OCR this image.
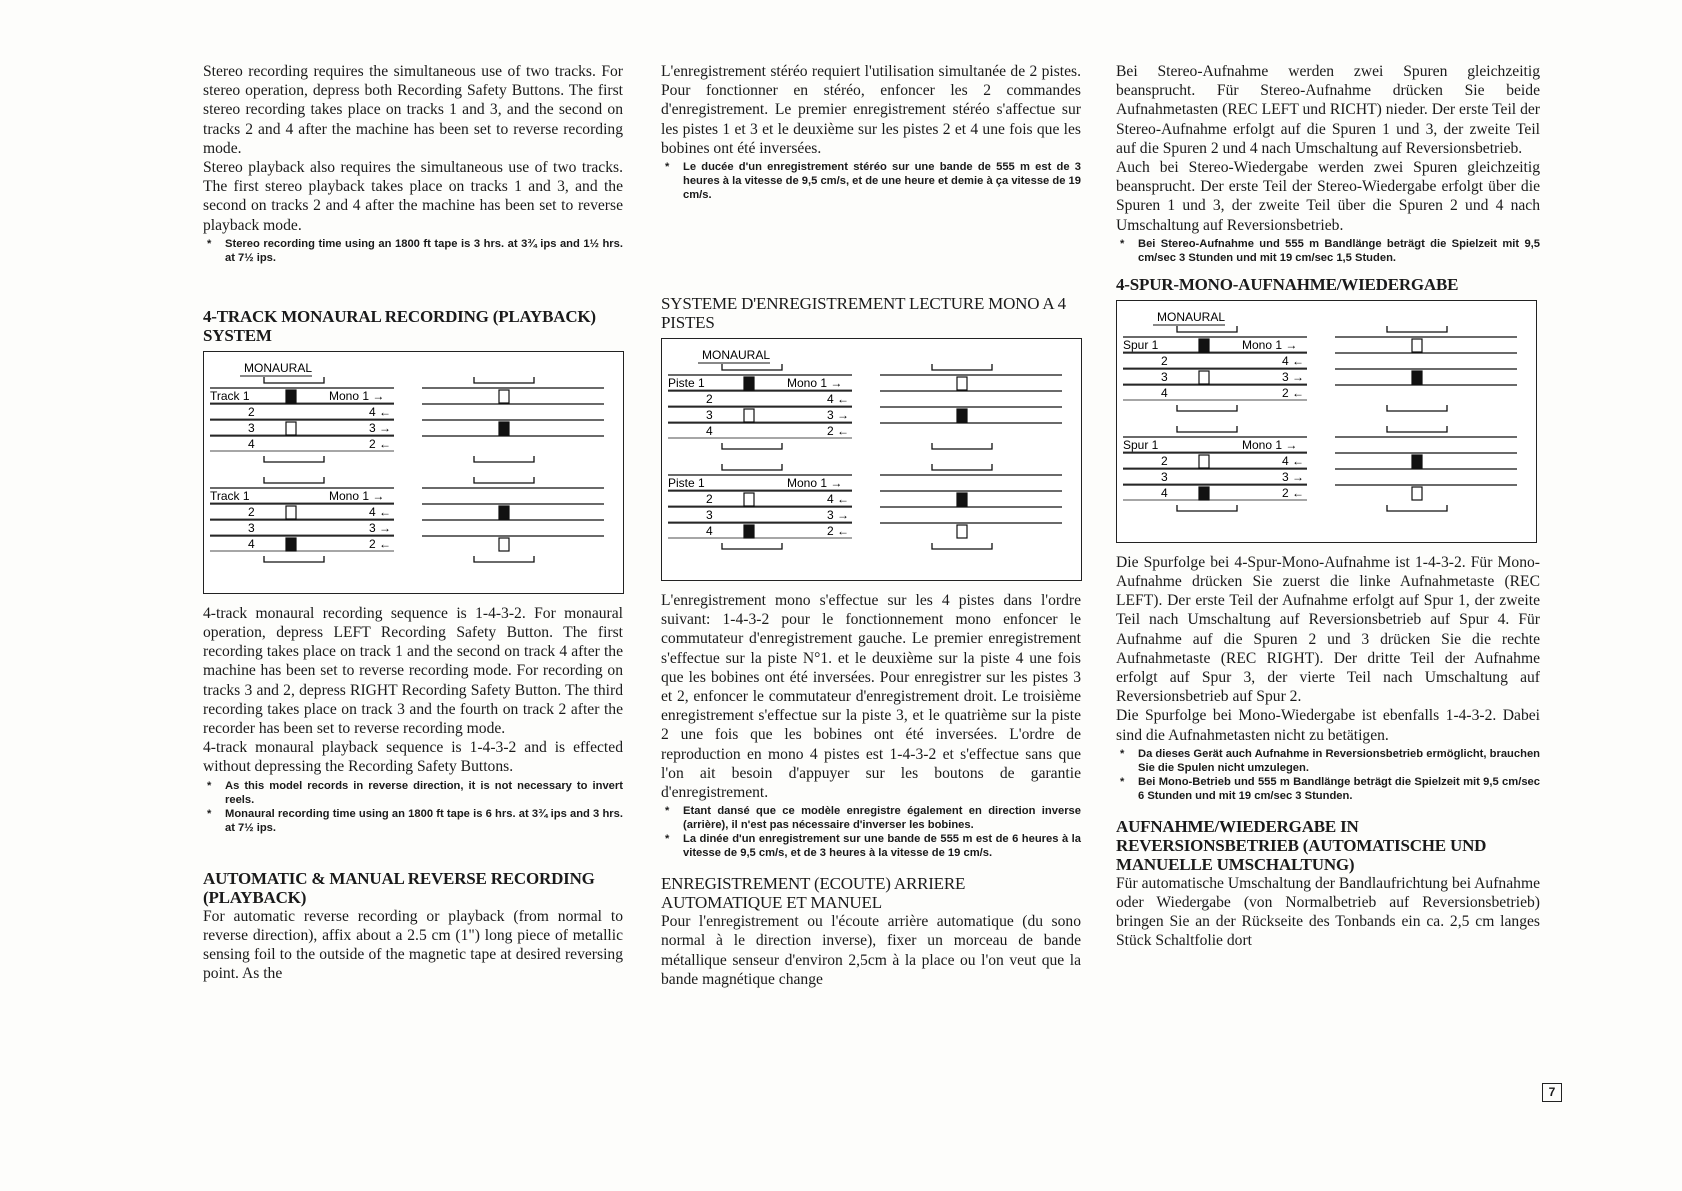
Stereo recording requires the simultaneous use of two tracks. For stereo operation, depress both Recording Safety Buttons. The first stereo recording takes place on tracks 1 and 3, and the second on tracks 2 and 4 after the machine has been set to reverse recording mode.

Stereo playback also requires the simultaneous use of two tracks. The first stereo playback takes place on tracks 1 and 3, and the second on tracks 2 and 4 after the machine has been set to reverse playback mode.

* Stereo recording time using an 1800 ft tape is 3 hrs. at 3¾ ips and 1½ hrs. at 7½ ips.
4-TRACK MONAURAL RECORDING (PLAYBACK) SYSTEM
MONAURAL
Track 1	Mono 1 →
2	4 ←
3	3 →
4	2 ←
Track 1	Mono 1 →
2	4 ←
3	3 →
4	2 ←

4-track monaural recording sequence is 1-4-3-2. For monaural operation, depress LEFT Recording Safety Button. The first recording takes place on track 1 and the second on track 4 after the machine has been set to reverse recording mode. For recording on tracks 3 and 2, depress RIGHT Recording Safety Button. The third recording takes place on track 3 and the fourth on track 2 after the recorder has been set to reverse recording mode.

4-track monaural playback sequence is 1-4-3-2 and is effected without depressing the Recording Safety Buttons.

* As this model records in reverse direction, it is not necessary to invert reels.
* Monaural recording time using an 1800 ft tape is 6 hrs. at 3¾ ips and 3 hrs. at 7½ ips.
AUTOMATIC & MANUAL REVERSE RECORDING (PLAYBACK)

For automatic reverse recording or playback (from normal to reverse direction), affix about a 2.5 cm (1") long piece of metallic sensing foil to the outside of the magnetic tape at desired reversing point. As the

L'enregistrement stéréo requiert l'utilisation simultanée de 2 pistes. Pour fonctionner en stéréo, enfoncer les 2 commandes d'enregistrement. Le premier enregistrement stéréo s'affectue sur les pistes 1 et 3 et le deuxième sur les pistes 2 et 4 une fois que les bobines ont été inversées.

* Le ducée d'un enregistrement stéréo sur une bande de 555 m est de 3 heures à la vitesse de 9,5 cm/s, et de une heure et demie à ça vitesse de 19 cm/s.
SYSTEME D'ENREGISTREMENT LECTURE MONO A 4 PISTES
MONAURAL
Piste 1	Mono 1 →
2	4 ←
3	3 →
4	2 ←
Piste 1	Mono 1 →
2	4 ←
3	3 →
4	2 ←

L'enregistrement mono s'effectue sur les 4 pistes dans l'ordre suivant: 1-4-3-2 pour le fonctionnement mono enfoncer le commutateur d'enregistrement gauche. Le premier enregistrement s'effectue sur la piste N°1. et le deuxième sur la piste 4 une fois que les bobines ont été inversées. Pour enregistrer sur les pistes 3 et 2, enfoncer le commutateur d'enregistrement droit. Le troisième enregistrement s'effectue sur la piste 3, et le quatrième sur la piste 2 une fois que les bobines ont été inversées. L'ordre de reproduction en mono 4 pistes est 1-4-3-2 et s'effectue sans que l'on ait besoin d'appuyer sur les boutons de garantie d'enregistrement.

* Etant dansé que ce modèle enregistre également en direction inverse (arrière), il n'est pas nécessaire d'inverser les bobines.
* La dinée d'un enregistrement sur une bande de 555 m est de 6 heures à la vitesse de 9,5 cm/s, et de 3 heures à la vitesse de 19 cm/s.
ENREGISTREMENT (ECOUTE) ARRIERE AUTOMATIQUE ET MANUEL

Pour l'enregistrement ou l'écoute arrière automatique (du sono normal à le direction inverse), fixer un morceau de bande métallique senseur d'environ 2,5cm à la place ou l'on veut que la bande magnétique change

Bei Stereo-Aufnahme werden zwei Spuren gleichzeitig beansprucht. Für Stereo-Aufnahme drücken Sie beide Aufnahmetasten (REC LEFT und RICHT) nieder. Der erste Teil der Stereo-Aufnahme erfolgt auf die Spuren 1 und 3, der zweite Teil auf die Spuren 2 und 4 nach Umschaltung auf Reversionsbetrieb.

Auch bei Stereo-Wiedergabe werden zwei Spuren gleichzeitig beansprucht. Der erste Teil der Stereo-Wiedergabe erfolgt über die Spuren 1 und 3, der zweite Teil über die Spuren 2 und 4 nach Umschaltung auf Reversionsbetrieb.

* Bei Stereo-Aufnahme und 555 m Bandlänge beträgt die Spielzeit mit 9,5 cm/sec 3 Stunden und mit 19 cm/sec 1,5 Studen.
4-SPUR-MONO-AUFNAHME/WIEDERGABE
MONAURAL
Spur 1	Mono 1 →
2	4 ←
3	3 →
4	2 ←
Spur 1	Mono 1 →
2	4 ←
3	3 →
4	2 ←

Die Spurfolge bei 4-Spur-Mono-Aufnahme ist 1-4-3-2. Für Mono-Aufnahme drücken Sie zuerst die linke Aufnahmetaste (REC LEFT). Der erste Teil der Aufnahme erfolgt auf Spur 1, der zweite Teil nach Umschaltung auf Reversionsbetrieb auf Spur 4. Für Aufnahme auf die Spuren 2 und 3 drücken Sie die rechte Aufnahmetaste (REC RIGHT). Der dritte Teil der Aufnahme erfolgt auf Spur 3, der vierte Teil nach Umschaltung auf Reversionsbetrieb auf Spur 2.

Die Spurfolge bei Mono-Wiedergabe ist ebenfalls 1-4-3-2. Dabei sind die Aufnahmetasten nicht zu betätigen.

* Da dieses Gerät auch Aufnahme in Reversionsbetrieb ermöglicht, brauchen Sie die Spulen nicht umzulegen.
* Bei Mono-Betrieb und 555 m Bandlänge beträgt die Spielzeit mit 9,5 cm/sec 6 Stunden und mit 19 cm/sec 3 Stunden.
AUFNAHME/WIEDERGABE IN REVERSIONSBETRIEB (AUTOMATISCHE UND MANUELLE UMSCHALTUNG)

Für automatische Umschaltung der Bandlaufrichtung bei Aufnahme oder Wiedergabe (von Normalbetrieb auf Reversionsbetrieb) bringen Sie an der Rückseite des Tonbands ein ca. 2,5 cm langes Stück Schaltfolie dort

7
